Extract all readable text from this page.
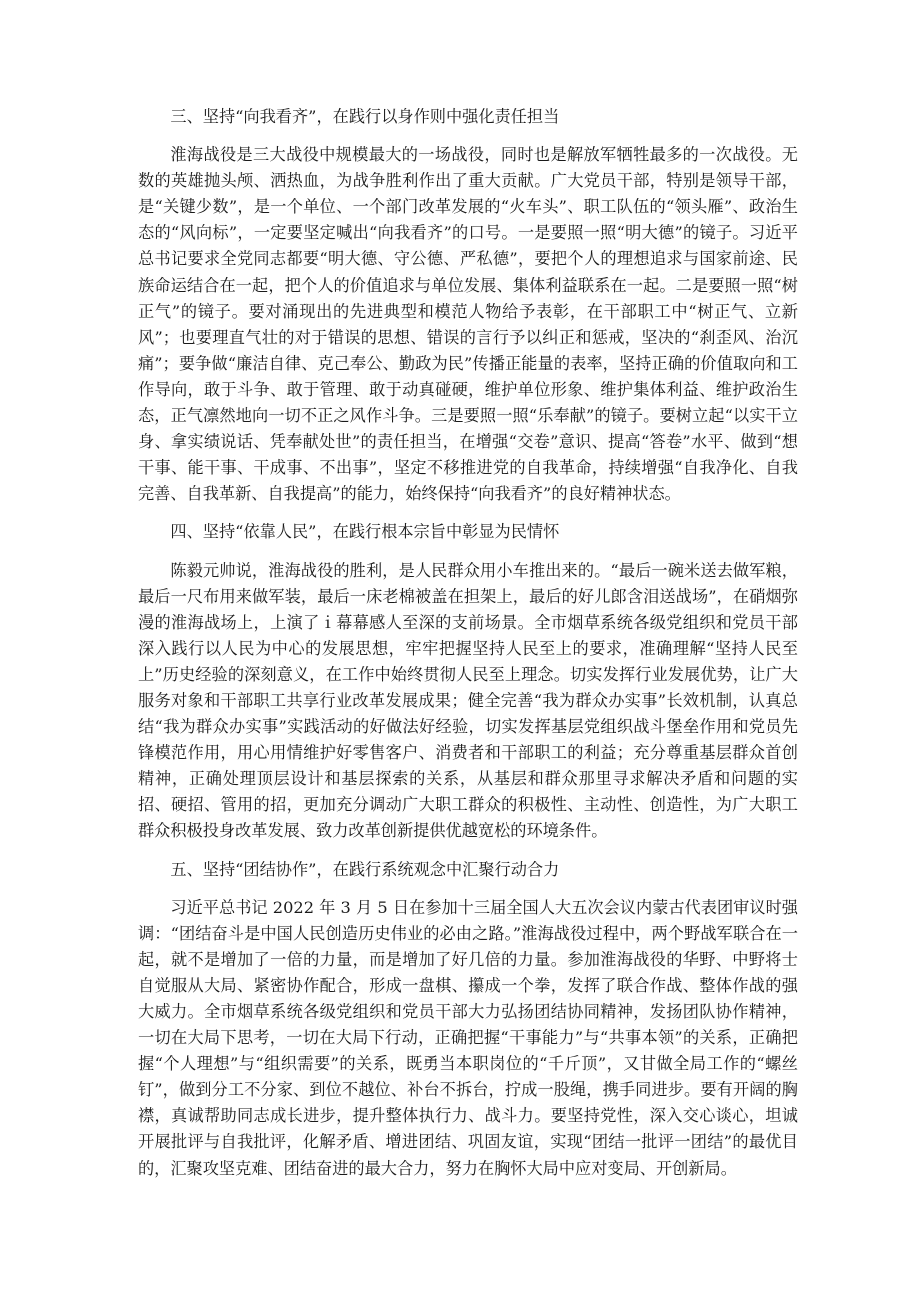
三、坚持“向我看齐”，在践行以身作则中强化责任担当

淮海战役是三大战役中规模最大的一场战役，同时也是解放军牺牲最多的一次战役。无数的英雄抛头颅、洒热血，为战争胜利作出了重大贡献。广大党员干部，特别是领导干部，是“关键少数”，是一个单位、一个部门改革发展的“火车头”、职工队伍的“领头雁”、政治生态的“风向标”，一定要坚定喊出“向我看齐”的口号。一是要照一照“明大德”的镜子。习近平总书记要求全党同志都要“明大德、守公德、严私德”，要把个人的理想追求与国家前途、民族命运结合在一起，把个人的价值追求与单位发展、集体利益联系在一起。二是要照一照“树正气”的镜子。要对涌现出的先进典型和模范人物给予表彰，在干部职工中“树正气、立新风”；也要理直气壮的对于错误的思想、错误的言行予以纠正和惩戒，坚决的“刹歪风、治沉痛”；要争做“廉洁自律、克己奉公、勤政为民”传播正能量的表率，坚持正确的价值取向和工作导向，敢于斗争、敢于管理、敢于动真碰硬，维护单位形象、维护集体利益、维护政治生态，正气凛然地向一切不正之风作斗争。三是要照一照“乐奉献”的镜子。要树立起“以实干立身、拿实绩说话、凭奉献处世”的责任担当，在增强“交卷”意识、提高“答卷”水平、做到“想干事、能干事、干成事、不出事”，坚定不移推进党的自我革命，持续增强“自我净化、自我完善、自我革新、自我提高”的能力，始终保持“向我看齐”的良好精神状态。

四、坚持“依靠人民”，在践行根本宗旨中彰显为民情怀

陈毅元帅说，淮海战役的胜利，是人民群众用小车推出来的。“最后一碗米送去做军粮，最后一尺布用来做军装，最后一床老棉被盖在担架上，最后的好儿郎含泪送战场”，在硝烟弥漫的淮海战场上，上演了ｉ幕幕感人至深的支前场景。全市烟草系统各级党组织和党员干部深入践行以人民为中心的发展思想，牢牢把握坚持人民至上的要求，准确理解“坚持人民至上”历史经验的深刻意义，在工作中始终贯彻人民至上理念。切实发挥行业发展优势，让广大服务对象和干部职工共享行业改革发展成果；健全完善“我为群众办实事”长效机制，认真总结“我为群众办实事”实践活动的好做法好经验，切实发挥基层党组织战斗堡垒作用和党员先锋模范作用，用心用情维护好零售客户、消费者和干部职工的利益；充分尊重基层群众首创精神，正确处理顶层设计和基层探索的关系，从基层和群众那里寻求解决矛盾和问题的实招、硬招、管用的招，更加充分调动广大职工群众的积极性、主动性、创造性，为广大职工群众积极投身改革发展、致力改革创新提供优越宽松的环境条件。

五、坚持“团结协作”，在践行系统观念中汇聚行动合力

习近平总书记 2022 年 3 月 5 日在参加十三届全国人大五次会议内蒙古代表团审议时强调：“团结奋斗是中国人民创造历史伟业的必由之路。”淮海战役过程中，两个野战军联合在一起，就不是增加了一倍的力量，而是增加了好几倍的力量。参加淮海战役的华野、中野将士自觉服从大局、紧密协作配合，形成一盘棋、攥成一个拳，发挥了联合作战、整体作战的强大威力。全市烟草系统各级党组织和党员干部大力弘扬团结协同精神，发扬团队协作精神，一切在大局下思考，一切在大局下行动，正确把握“干事能力”与“共事本领”的关系，正确把握“个人理想”与“组织需要”的关系，既勇当本职岗位的“千斤顶”，又甘做全局工作的“螺丝钉”，做到分工不分家、到位不越位、补台不拆台，拧成一股绳，携手同进步。要有开阔的胸襟，真诚帮助同志成长进步，提升整体执行力、战斗力。要坚持党性，深入交心谈心，坦诚开展批评与自我批评，化解矛盾、增进团结、巩固友谊，实现“团结一批评一团结”的最优目的，汇聚攻坚克难、团结奋进的最大合力，努力在胸怀大局中应对变局、开创新局。
